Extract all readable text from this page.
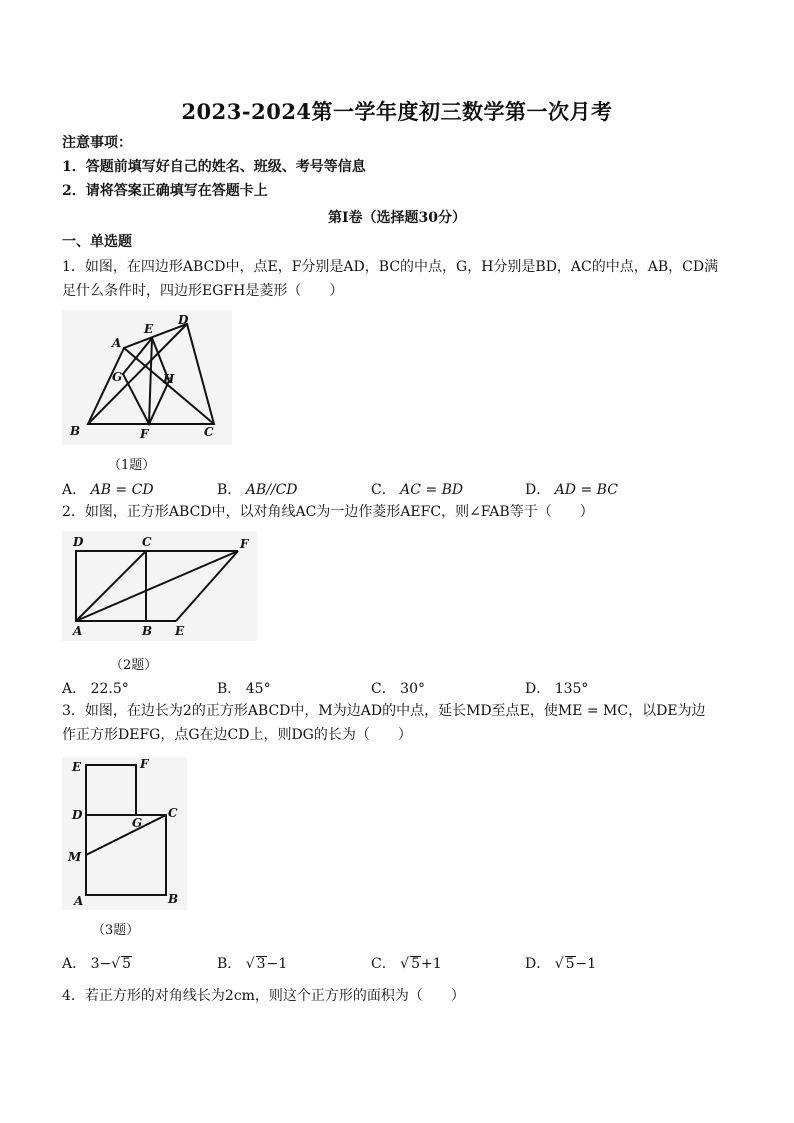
2023-2024第一学年度初三数学第一次月考
注意事项：
1．答题前填写好自己的姓名、班级、考号等信息
2．请将答案正确填写在答题卡上
第Ⅰ卷（选择题30分）
一、单选题
1．如图，在四边形ABCD中，点E，F分别是AD，BC的中点，G，H分别是BD，AC的中点，AB，CD满
足什么条件时，四边形EGFH是菱形（　　）
A
E
D
G	H
B	F	C
（1题）
A． AB = CD	B． AB//CD	C． AC = BD	D． AD = BC
2．如图，正方形ABCD中，以对角线AC为一边作菱形AEFC，则∠FAB等于（　　）
D	C	F
A	B E
（2题）
A． 22.5°	B． 45°	C． 30°	D． 135°
3．如图，在边长为2的正方形ABCD中，M为边AD的中点，延长MD至点E，使ME = MC，以DE为边
作正方形DEFG，点G在边CD上，则DG的长为（　　）
E	F
D
G
C
M
A	B
（3题）
A． 3−√ 5	B． √ 3−1	C． √ 5+1	D． √ 5−1
4．若正方形的对角线长为2cm，则这个正方形的面积为（　　）
